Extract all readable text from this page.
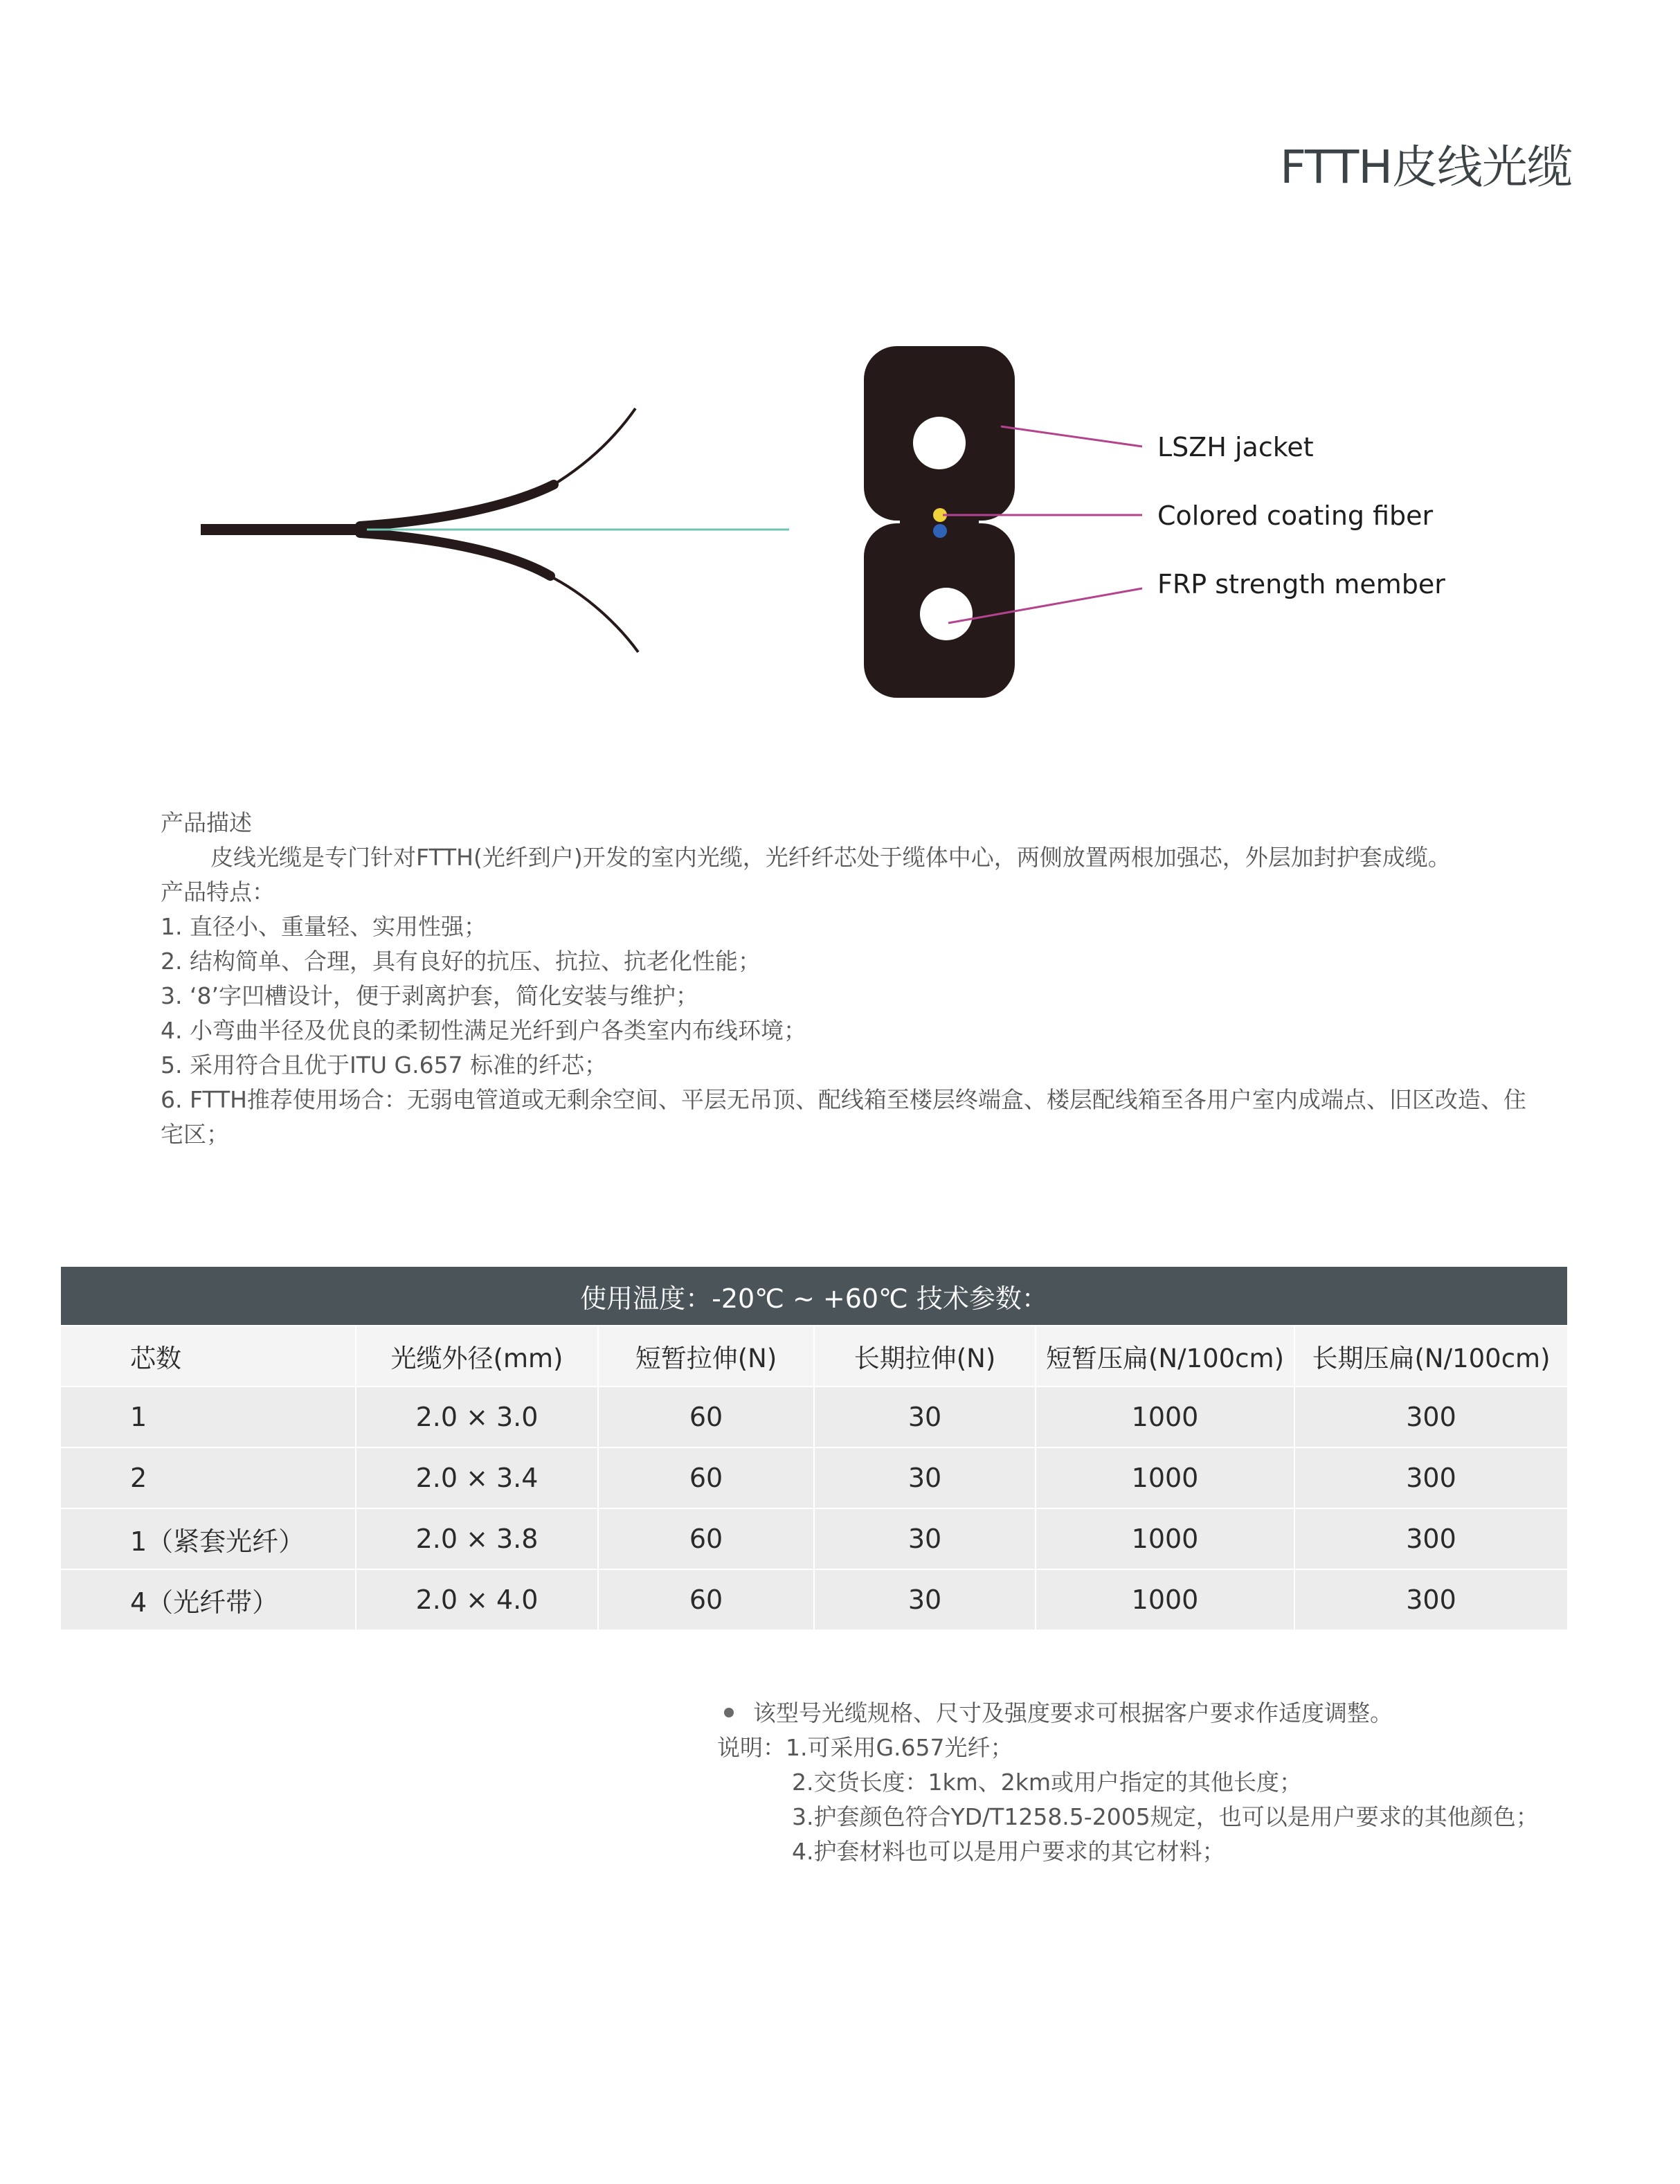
FTTH皮线光缆
LSZH jacket
Colored coating fiber
FRP strength member

产品描述

皮线光缆是专门针对FTTH(光纤到户)开发的室内光缆，光纤纤芯处于缆体中心，两侧放置两根加强芯，外层加封护套成缆。

产品特点：

1. 直径小、重量轻、实用性强；

2. 结构简单、合理，具有良好的抗压、抗拉、抗老化性能；

3. ‘8’字凹槽设计，便于剥离护套，简化安装与维护；

4. 小弯曲半径及优良的柔韧性满足光纤到户各类室内布线环境；

5. 采用符合且优于ITU G.657 标准的纤芯；

6. FTTH推荐使用场合：无弱电管道或无剩余空间、平层无吊顶、配线箱至楼层终端盒、楼层配线箱至各用户室内成端点、旧区改造、住宅区；

使用温度：-20℃ ~ +60℃ 技术参数：					
芯数	光缆外径(mm)	短暂拉伸(N)	长期拉伸(N)	短暂压扁(N/100cm)	长期压扁(N/100cm)
1	2.0 × 3.0	60	30	1000	300
2	2.0 × 3.4	60	30	1000	300
1（紧套光纤）	2.0 × 3.8	60	30	1000	300
4（光纤带）	2.0 × 4.0	60	30	1000	300

该型号光缆规格、尺寸及强度要求可根据客户要求作适度调整。

说明：1.可采用G.657光纤；

2.交货长度：1km、2km或用户指定的其他长度；

3.护套颜色符合YD/T1258.5-2005规定，也可以是用户要求的其他颜色；

4.护套材料也可以是用户要求的其它材料；
